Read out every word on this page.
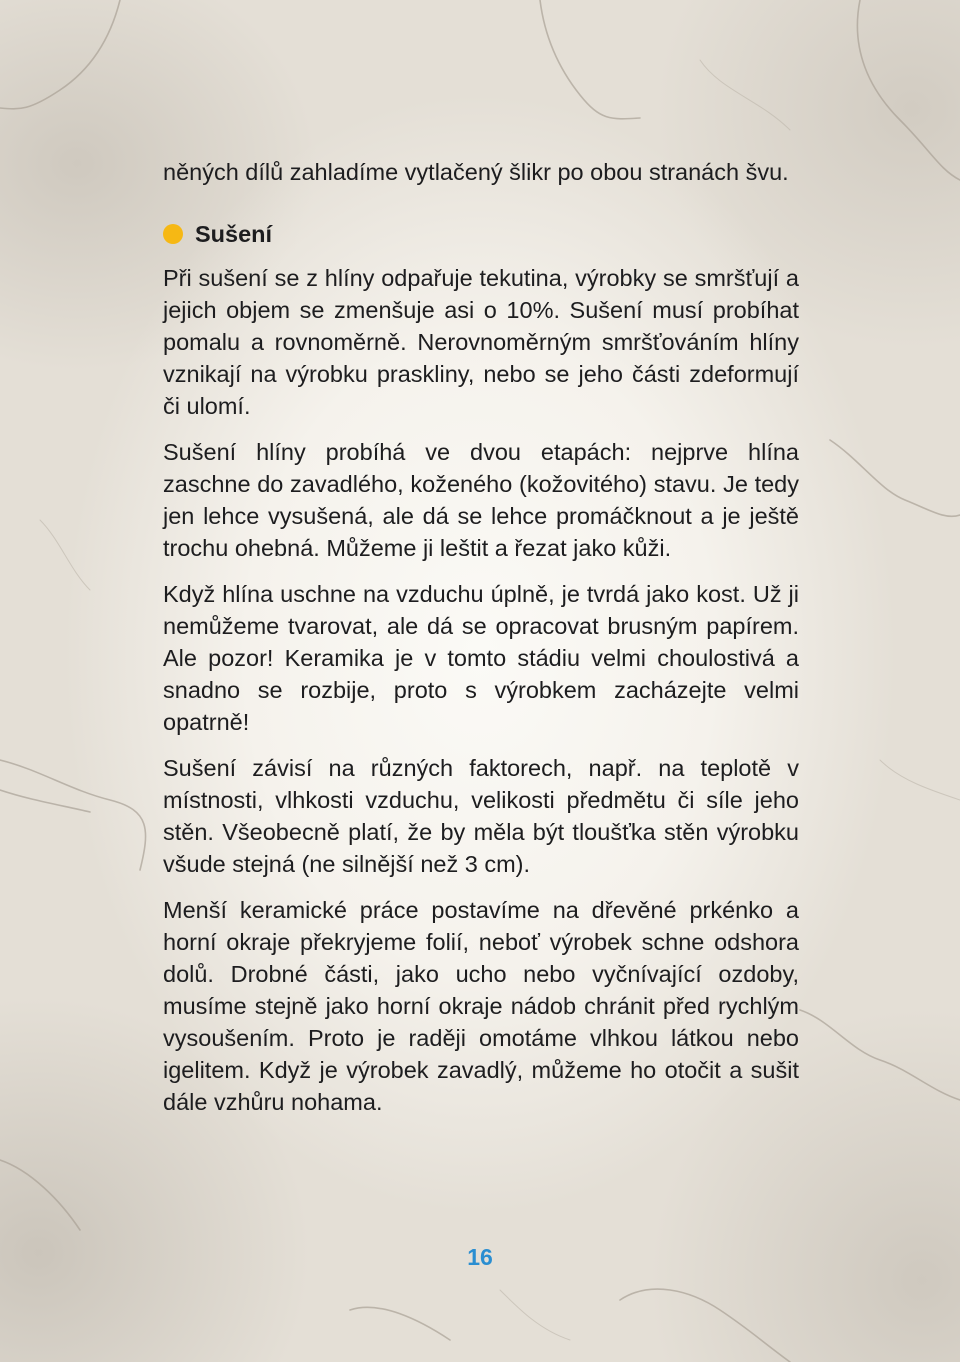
něných dílů zahladíme vytlačený šlikr po obou stranách švu.

Sušení

Při sušení se z hlíny odpařuje tekutina, výrobky se smršťují a jejich objem se zmenšuje asi o 10%. Sušení musí probíhat pomalu a rovnoměrně. Nerovnoměrným smršťováním hlíny vznikají na výrobku praskliny, nebo se jeho části zdeformují či ulomí.

Sušení hlíny probíhá ve dvou etapách: nejprve hlína zaschne do zavadlého, koženého (kožovitého) stavu. Je tedy jen lehce vysušená, ale dá se lehce promáčknout a je ještě trochu ohebná. Můžeme ji leštit a řezat jako kůži.

Když hlína uschne na vzduchu úplně, je tvrdá jako kost. Už ji nemůžeme tvarovat, ale dá se opracovat brusným papírem. Ale pozor! Keramika je v tomto stádiu velmi choulostivá a snadno se rozbije, proto s výrobkem zacházejte velmi opatrně!

Sušení závisí na různých faktorech, např. na teplotě v místnosti, vlhkosti vzduchu, velikosti předmětu či síle jeho stěn. Všeobecně platí, že by měla být tloušťka stěn výrobku všude stejná (ne silnější než 3 cm).

Menší keramické práce postavíme na dřevěné prkénko a horní okraje překryjeme folií, neboť výrobek schne odshora dolů. Drobné části, jako ucho nebo vyčnívající ozdoby, musíme stejně jako horní okraje nádob chránit před rychlým vysoušením. Proto je raději omotáme vlhkou látkou nebo igelitem. Když je výrobek zavadlý, můžeme ho otočit a sušit dále vzhůru nohama.

16
